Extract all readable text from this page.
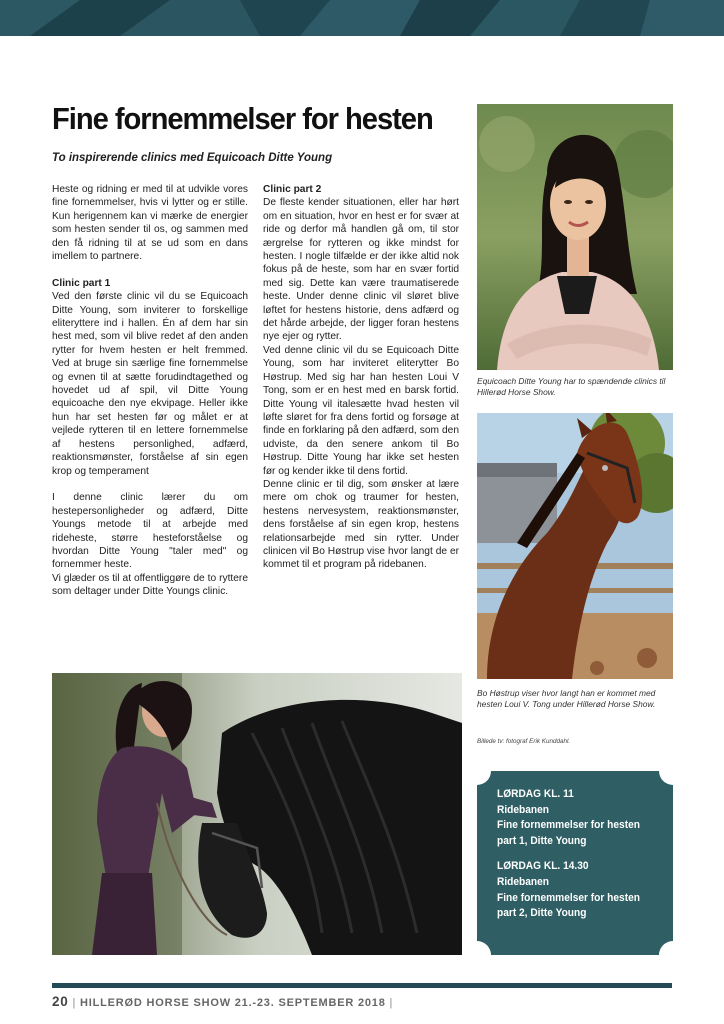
Fine fornemmelser for hesten
To inspirerende clinics med Equicoach Ditte Young

Heste og ridning er med til at udvikle vores fine fornemmelser, hvis vi lytter og er stille. Kun herigennem kan vi mærke de energier som hesten sender til os, og sammen med den få ridning til at se ud som en dans imellem to partnere.

Clinic part 1

Ved den første clinic vil du se Equicoach Ditte Young, som inviterer to forskellige eliteryttere ind i hallen. Én af dem har sin hest med, som vil blive redet af den anden rytter for hvem hesten er helt fremmed. Ved at bruge sin særlige fine fornemmelse og evnen til at sætte forudindtagethed og hovedet ud af spil, vil Ditte Young equicoache den nye ekvipage. Heller ikke hun har set hesten før og målet er at vejlede rytteren til en lettere fornemmelse af hestens personlighed, adfærd, reaktionsmønster, forståelse af sin egen krop og temperament

I denne clinic lærer du om hestepersonligheder og adfærd, Ditte Youngs metode til at arbejde med rideheste, større hesteforståelse og hvordan Ditte Young "taler med" og fornemmer heste.

Vi glæder os til at offentliggøre de to ryttere som deltager under Ditte Youngs clinic.

Clinic part 2

De fleste kender situationen, eller har hørt om en situation, hvor en hest er for svær at ride og derfor må handlen gå om, til stor ærgrelse for rytteren og ikke mindst for hesten. I nogle tilfælde er der ikke altid nok fokus på de heste, som har en svær fortid med sig. Dette kan være traumatiserede heste. Under denne clinic vil sløret blive løftet for hestens historie, dens adfærd og det hårde arbejde, der ligger foran hestens nye ejer og rytter.

Ved denne clinic vil du se Equicoach Ditte Young, som har inviteret eliterytter Bo Høstrup. Med sig har han hesten Loui V Tong, som er en hest med en barsk fortid. Ditte Young vil italesætte hvad hesten vil løfte sløret for fra dens fortid og forsøge at finde en forklaring på den adfærd, som den udviste, da den senere ankom til Bo Høstrup. Ditte Young har ikke set hesten før og kender ikke til dens fortid.

Denne clinic er til dig, som ønsker at lære mere om chok og traumer for hesten, hestens nervesystem, reaktionsmønster, dens forståelse af sin egen krop, hestens relationsarbejde med sin rytter. Under clinicen vil Bo Høstrup vise hvor langt de er kommet til et program på ridebanen.

Equicoach Ditte Young har to spændende clinics til Hillerød Horse Show.
Bo Høstrup viser hvor langt han er kommet med hesten Loui V. Tong under Hillerød Horse Show.
Billede tv: fotograf Erik Kunddahl.
LØRDAG KL. 11
Ridebanen
Fine fornemmelser for hesten part 1, Ditte Young
LØRDAG KL. 14.30
Ridebanen
Fine fornemmelser for hesten part 2, Ditte Young
20 | HILLERØD HORSE SHOW 21.-23. SEPTEMBER 2018 |
